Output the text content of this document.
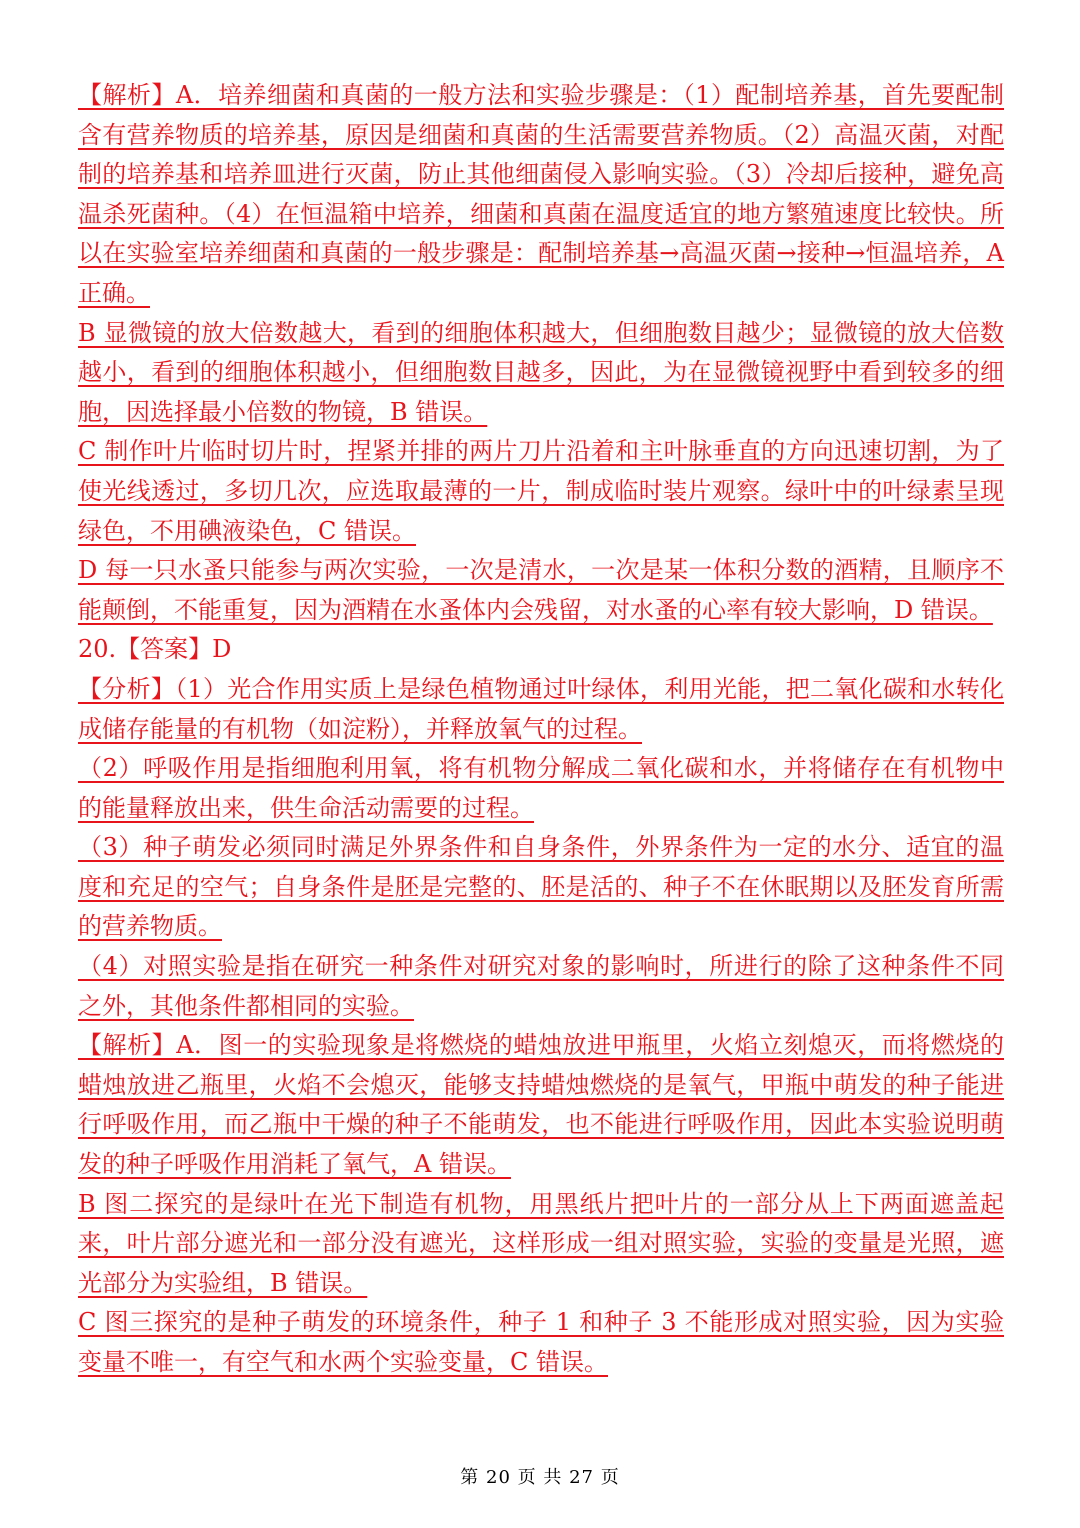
【解析】A．培养细菌和真菌的一般方法和实验步骤是：（1）配制培养基，首先要配制含有营养物质的培养基，原因是细菌和真菌的生活需要营养物质。（2）高温灭菌，对配制的培养基和培养皿进行灭菌，防止其他细菌侵入影响实验。（3）冷却后接种，避免高温杀死菌种。（4）在恒温箱中培养，细菌和真菌在温度适宜的地方繁殖速度比较快。所以在实验室培养细菌和真菌的一般步骤是：配制培养基→高温灭菌→接种→恒温培养，A 正确。

B 显微镜的放大倍数越大，看到的细胞体积越大，但细胞数目越少；显微镜的放大倍数越小，看到的细胞体积越小，但细胞数目越多，因此，为在显微镜视野中看到较多的细胞，因选择最小倍数的物镜，B 错误。

C 制作叶片临时切片时，捏紧并排的两片刀片沿着和主叶脉垂直的方向迅速切割，为了使光线透过，多切几次，应选取最薄的一片，制成临时装片观察。绿叶中的叶绿素呈现绿色，不用碘液染色，C 错误。

D 每一只水蚤只能参与两次实验，一次是清水，一次是某一体积分数的酒精，且顺序不能颠倒，不能重复，因为酒精在水蚤体内会残留，对水蚤的心率有较大影响，D 错误。

20.【答案】D

【分析】（1）光合作用实质上是绿色植物通过叶绿体，利用光能，把二氧化碳和水转化成储存能量的有机物（如淀粉），并释放氧气的过程。

（2）呼吸作用是指细胞利用氧，将有机物分解成二氧化碳和水，并将储存在有机物中的能量释放出来，供生命活动需要的过程。

（3）种子萌发必须同时满足外界条件和自身条件，外界条件为一定的水分、适宜的温度和充足的空气；自身条件是胚是完整的、胚是活的、种子不在休眠期以及胚发育所需的营养物质。

（4）对照实验是指在研究一种条件对研究对象的影响时，所进行的除了这种条件不同之外，其他条件都相同的实验。

【解析】A．图一的实验现象是将燃烧的蜡烛放进甲瓶里，火焰立刻熄灭，而将燃烧的蜡烛放进乙瓶里，火焰不会熄灭，能够支持蜡烛燃烧的是氧气，甲瓶中萌发的种子能进行呼吸作用，而乙瓶中干燥的种子不能萌发，也不能进行呼吸作用，因此本实验说明萌发的种子呼吸作用消耗了氧气，A 错误。

B 图二探究的是绿叶在光下制造有机物，用黑纸片把叶片的一部分从上下两面遮盖起来，叶片部分遮光和一部分没有遮光，这样形成一组对照实验，实验的变量是光照，遮光部分为实验组，B 错误。

C 图三探究的是种子萌发的环境条件，种子 1 和种子 3 不能形成对照实验，因为实验变量不唯一，有空气和水两个实验变量，C 错误。

第 20 页 共 27 页
